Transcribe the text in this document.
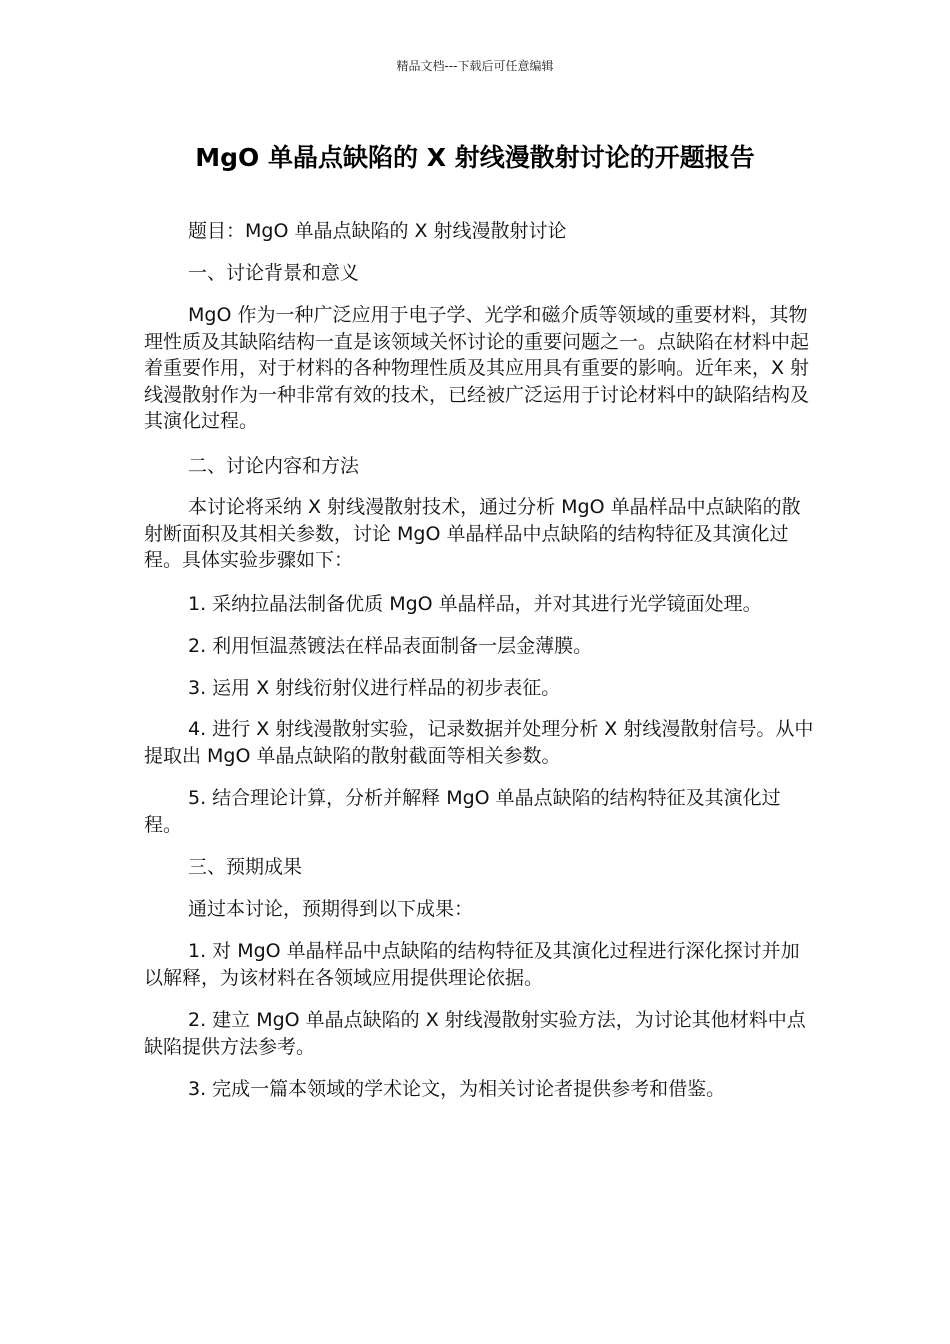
精品文档---下载后可任意编辑
MgO 单晶点缺陷的 X 射线漫散射讨论的开题报告

题目：MgO 单晶点缺陷的 X 射线漫散射讨论

一、讨论背景和意义

MgO 作为一种广泛应用于电子学、光学和磁介质等领域的重要材料，其物理性质及其缺陷结构一直是该领域关怀讨论的重要问题之一。点缺陷在材料中起着重要作用，对于材料的各种物理性质及其应用具有重要的影响。近年来，X 射线漫散射作为一种非常有效的技术，已经被广泛运用于讨论材料中的缺陷结构及其演化过程。

二、讨论内容和方法

本讨论将采纳 X 射线漫散射技术，通过分析 MgO 单晶样品中点缺陷的散射断面积及其相关参数，讨论 MgO 单晶样品中点缺陷的结构特征及其演化过程。具体实验步骤如下：

1. 采纳拉晶法制备优质 MgO 单晶样品，并对其进行光学镜面处理。

2. 利用恒温蒸镀法在样品表面制备一层金薄膜。

3. 运用 X 射线衍射仪进行样品的初步表征。

4. 进行 X 射线漫散射实验，记录数据并处理分析 X 射线漫散射信号。从中提取出 MgO 单晶点缺陷的散射截面等相关参数。

5. 结合理论计算，分析并解释 MgO 单晶点缺陷的结构特征及其演化过程。

三、预期成果

通过本讨论，预期得到以下成果：

1. 对 MgO 单晶样品中点缺陷的结构特征及其演化过程进行深化探讨并加以解释，为该材料在各领域应用提供理论依据。

2. 建立 MgO 单晶点缺陷的 X 射线漫散射实验方法，为讨论其他材料中点缺陷提供方法参考。

3. 完成一篇本领域的学术论文，为相关讨论者提供参考和借鉴。
